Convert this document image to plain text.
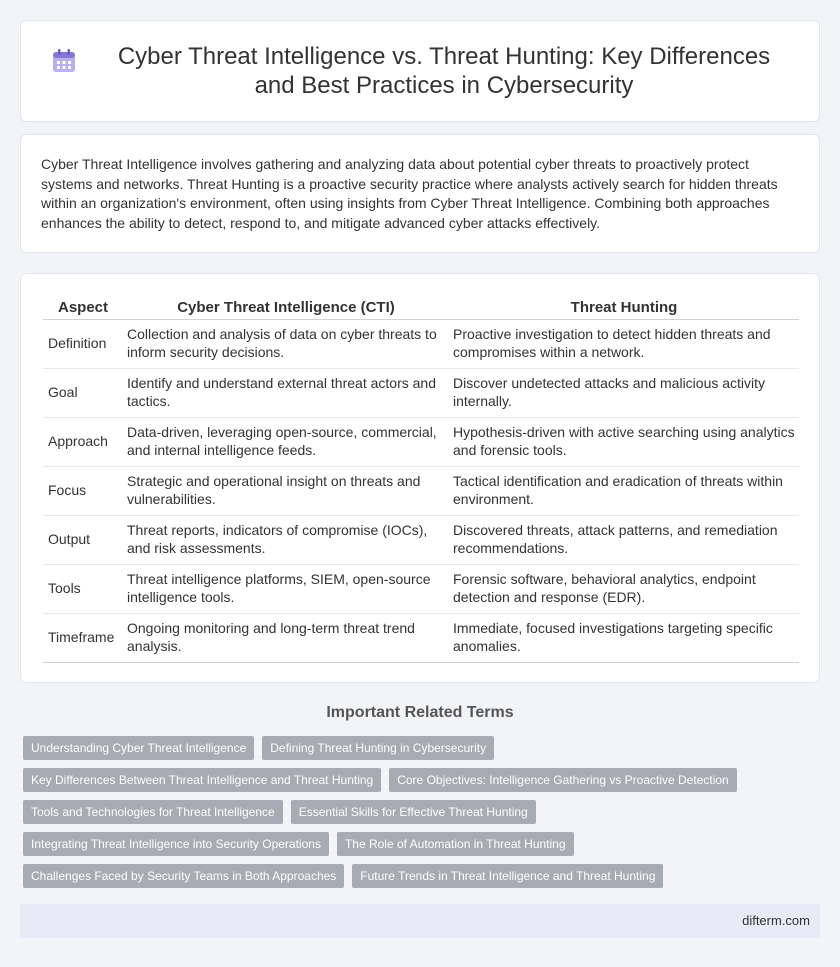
Cyber Threat Intelligence vs. Threat Hunting: Key Differences and Best Practices in Cybersecurity

Cyber Threat Intelligence involves gathering and analyzing data about potential cyber threats to proactively protect systems and networks. Threat Hunting is a proactive security practice where analysts actively search for hidden threats within an organization's environment, often using insights from Cyber Threat Intelligence. Combining both approaches enhances the ability to detect, respond to, and mitigate advanced cyber attacks effectively.

Aspect	Cyber Threat Intelligence (CTI)	Threat Hunting
Definition	Collection and analysis of data on cyber threats to inform security decisions.	Proactive investigation to detect hidden threats and compromises within a network.
Goal	Identify and understand external threat actors and tactics.	Discover undetected attacks and malicious activity internally.
Approach	Data-driven, leveraging open-source, commercial, and internal intelligence feeds.	Hypothesis-driven with active searching using analytics and forensic tools.
Focus	Strategic and operational insight on threats and vulnerabilities.	Tactical identification and eradication of threats within environment.
Output	Threat reports, indicators of compromise (IOCs), and risk assessments.	Discovered threats, attack patterns, and remediation recommendations.
Tools	Threat intelligence platforms, SIEM, open-source intelligence tools.	Forensic software, behavioral analytics, endpoint detection and response (EDR).
Timeframe	Ongoing monitoring and long-term threat trend analysis.	Immediate, focused investigations targeting specific anomalies.
Important Related Terms
Understanding Cyber Threat Intelligence	Defining Threat Hunting in Cybersecurity
Key Differences Between Threat Intelligence and Threat Hunting	Core Objectives: Intelligence Gathering vs Proactive Detection
Tools and Technologies for Threat Intelligence	Essential Skills for Effective Threat Hunting
Integrating Threat Intelligence into Security Operations	The Role of Automation in Threat Hunting
Challenges Faced by Security Teams in Both Approaches	Future Trends in Threat Intelligence and Threat Hunting
difterm.com
